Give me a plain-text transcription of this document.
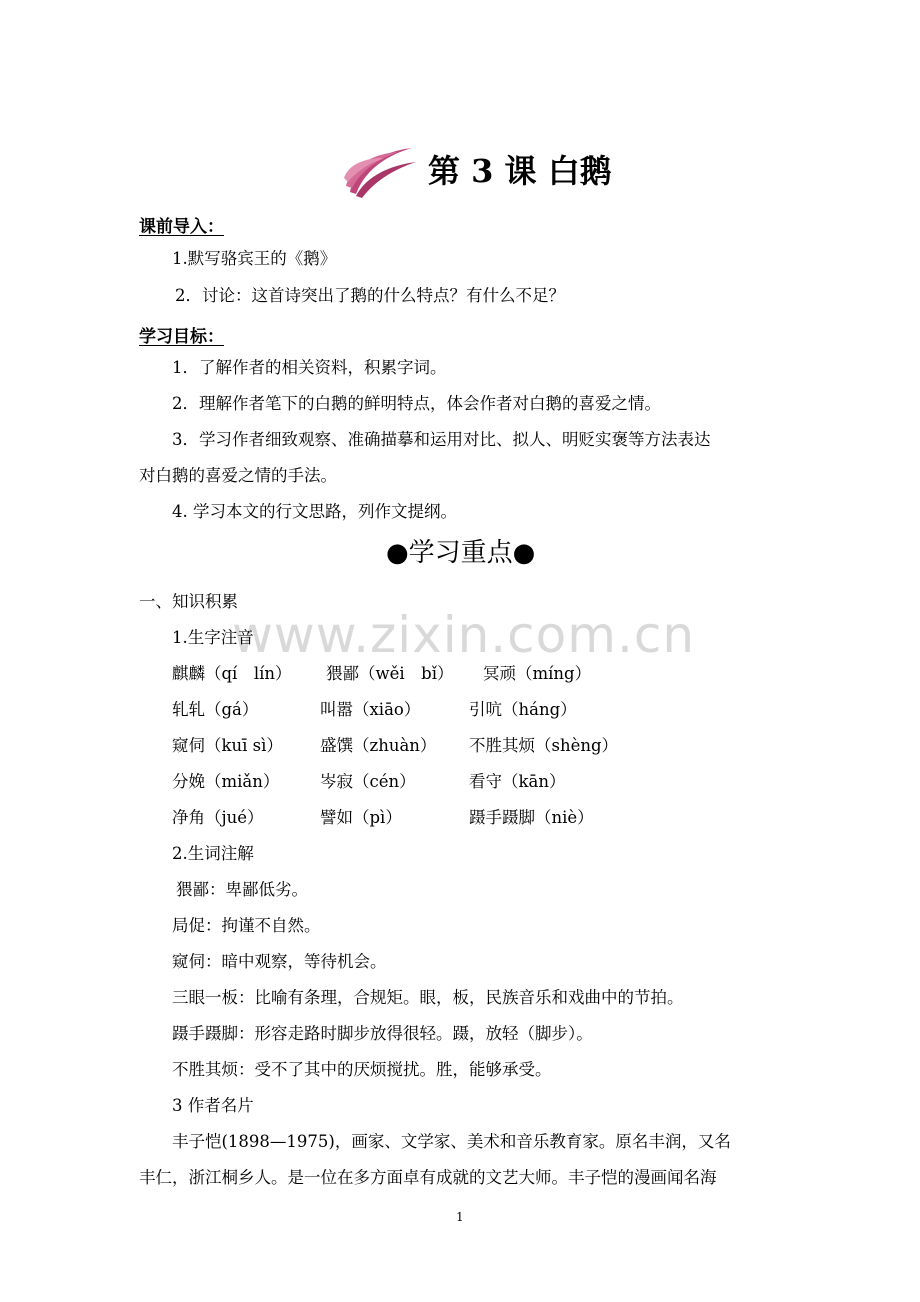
第 3 课 白鹅
课前导入：
1.默写骆宾王的《鹅》
2．讨论：这首诗突出了鹅的什么特点？有什么不足？
学习目标：
1．了解作者的相关资料，积累字词。
2．理解作者笔下的白鹅的鲜明特点，体会作者对白鹅的喜爱之情。
3．学习作者细致观察、准确描摹和运用对比、拟人、明贬实褒等方法表达
对白鹅的喜爱之情的手法。
4. 学习本文的行文思路，列作文提纲。
●学习重点●
www.zixin.com.cn
一、知识积累
1.生字注音
麒麟（qí　lín） 猥鄙（wěi　bǐ） 冥顽（míng）
轧轧（gá）	叫嚣（xiāo）	引吭（háng）
窥伺（kuī sì） 盛馔（zhuàn） 不胜其烦（shèng）
分娩（miǎn） 岑寂（cén）	看守（kān）
净角（jué）	譬如（pì）	蹑手蹑脚（niè）
2.生词注解
猥鄙：卑鄙低劣。
局促：拘谨不自然。
窥伺：暗中观察，等待机会。
三眼一板：比喻有条理，合规矩。眼，板，民族音乐和戏曲中的节拍。
蹑手蹑脚：形容走路时脚步放得很轻。蹑，放轻（脚步）。
不胜其烦：受不了其中的厌烦搅扰。胜，能够承受。
3 作者名片
丰子恺(1898—1975)，画家、文学家、美术和音乐教育家。原名丰润，又名
丰仁，浙江桐乡人。是一位在多方面卓有成就的文艺大师。丰子恺的漫画闻名海
1
